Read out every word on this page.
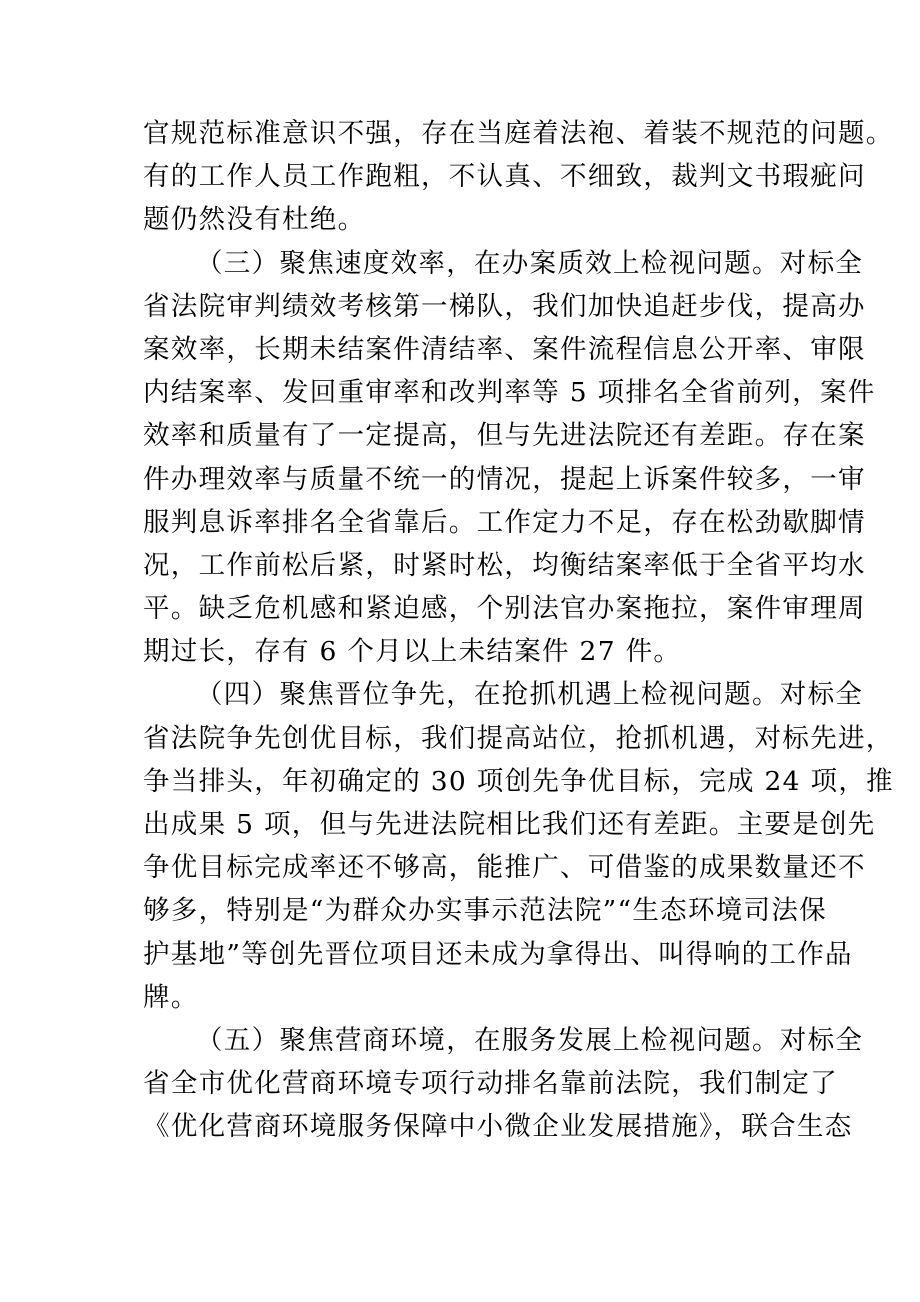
官规范标准意识不强，存在当庭着法袍、着装不规范的问题。
有的工作人员工作跑粗，不认真、不细致，裁判文书瑕疵问
题仍然没有杜绝。
（三）聚焦速度效率，在办案质效上检视问题。对标全
省法院审判绩效考核第一梯队，我们加快追赶步伐，提高办
案效率，长期未结案件清结率、案件流程信息公开率、审限
内结案率、发回重审率和改判率等 5 项排名全省前列，案件
效率和质量有了一定提高，但与先进法院还有差距。存在案
件办理效率与质量不统一的情况，提起上诉案件较多，一审
服判息诉率排名全省靠后。工作定力不足，存在松劲歇脚情
况，工作前松后紧，时紧时松，均衡结案率低于全省平均水
平。缺乏危机感和紧迫感，个别法官办案拖拉，案件审理周
期过长，存有 6 个月以上未结案件 27 件。
（四）聚焦晋位争先，在抢抓机遇上检视问题。对标全
省法院争先创优目标，我们提高站位，抢抓机遇，对标先进，
争当排头，年初确定的 30 项创先争优目标，完成 24 项，推
出成果 5 项，但与先进法院相比我们还有差距。主要是创先
争优目标完成率还不够高，能推广、可借鉴的成果数量还不
够多，特别是“为群众办实事示范法院”“生态环境司法保
护基地”等创先晋位项目还未成为拿得出、叫得响的工作品
牌。
（五）聚焦营商环境，在服务发展上检视问题。对标全
省全市优化营商环境专项行动排名靠前法院，我们制定了
《优化营商环境服务保障中小微企业发展措施》，联合生态
